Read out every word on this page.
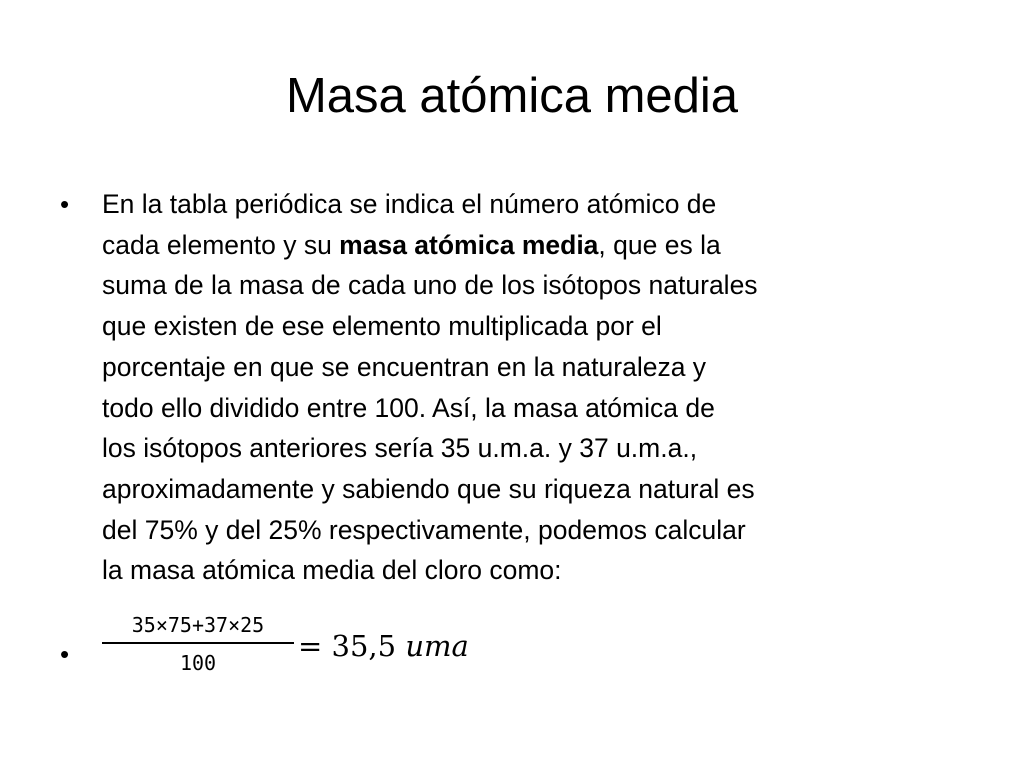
Masa atómica media
• En la tabla periódica se indica el número atómico de
cada elemento y su masa atómica media, que es la
suma de la masa de cada uno de los isótopos naturales
que existen de ese elemento multiplicada por el
porcentaje en que se encuentran en la naturaleza y
todo ello dividido entre 100. Así, la masa atómica de
los isótopos anteriores sería 35 u.m.a. y 37 u.m.a.,
aproximadamente y sabiendo que su riqueza natural es
del 75% y del 25% respectivamente, podemos calcular
la masa atómica media del cloro como:

•
35×75+37×25
100	= 35,5 uma
